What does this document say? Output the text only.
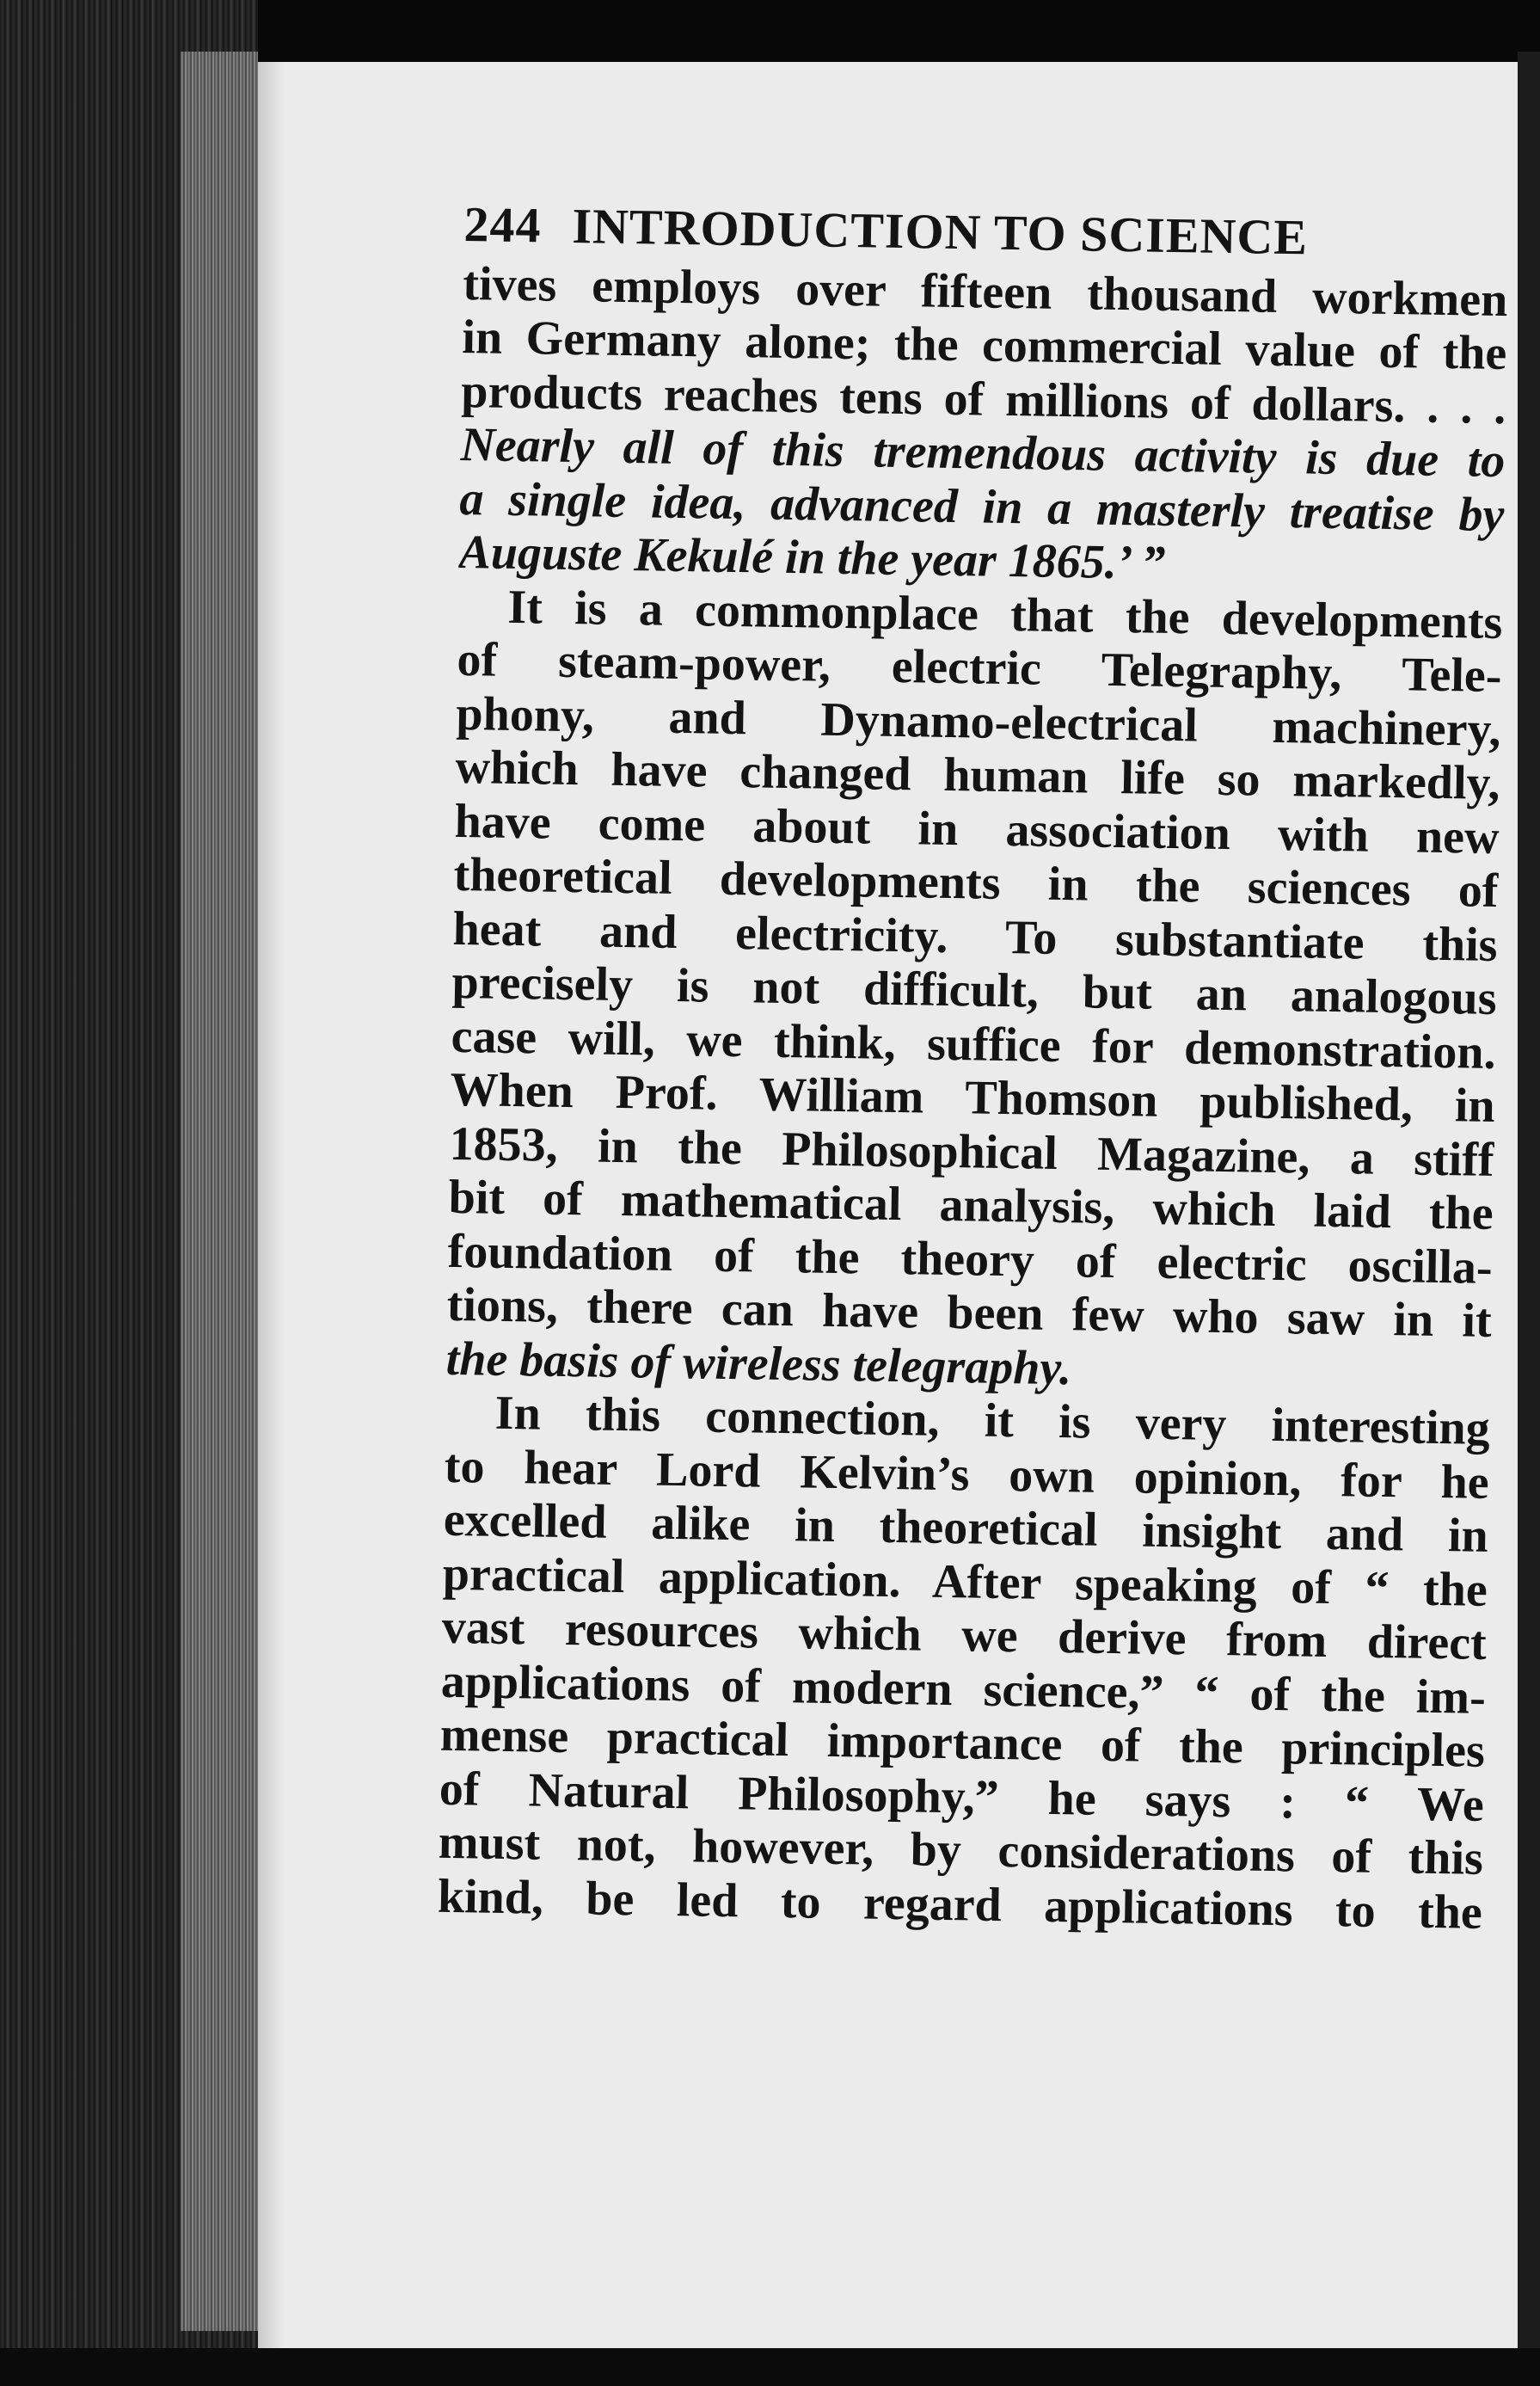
244 INTRODUCTION TO SCIENCE
tives employs over fifteen thousand workmen
in Germany alone; the commercial value of the
products reaches tens of millions of dollars. . . .
Nearly all of this tremendous activity is due to
a single idea, advanced in a masterly treatise by
Auguste Kekulé in the year 1865.’ ”
It is a commonplace that the developments
of steam-power, electric Telegraphy, Tele-
phony, and Dynamo-electrical machinery,
which have changed human life so markedly,
have come about in association with new
theoretical developments in the sciences of
heat and electricity. To substantiate this
precisely is not difficult, but an analogous
case will, we think, suffice for demonstration.
When Prof. William Thomson published, in
1853, in the Philosophical Magazine, a stiff
bit of mathematical analysis, which laid the
foundation of the theory of electric oscilla-
tions, there can have been few who saw in it
the basis of wireless telegraphy.
In this connection, it is very interesting
to hear Lord Kelvin’s own opinion, for he
excelled alike in theoretical insight and in
practical application. After speaking of “ the
vast resources which we derive from direct
applications of modern science,” “ of the im-
mense practical importance of the principles
of Natural Philosophy,” he says : “ We
must not, however, by considerations of this
kind, be led to regard applications to the
